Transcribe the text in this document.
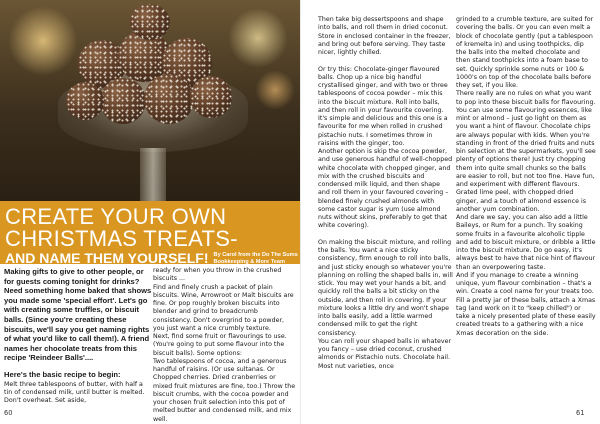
CREATE YOUR OWN
CHRISTMAS TREATS-
AND NAME THEM YOURSELF! By Carol from the Do The Sums
Bookkeeping & More Team

Making gifts to give to other people, or for guests coming tonight for drinks? Need something home baked that shows you made some 'special effort'. Let's go with creating some truffles, or biscuit balls. (Since you're creating these biscuits, we'll say you get naming rights of what you'd like to call them!). A friend names her chocolate treats from this recipe 'Reindeer Balls'....

Here's the basic recipe to begin:

Melt three tablespoons of butter, with half a tin of condensed milk, until butter is melted. Don't overheat. Set aside,

ready for when you throw in the crushed biscuits ...

Find and finely crush a packet of plain biscuits. Wine, Arrowroot or Malt biscuits are fine. Or pop roughly broken biscuits into blender and grind to breadcrumb consistency. Don't overgrind to a powder, you just want a nice crumbly texture.

Next, find some fruit or flavourings to use. (You're going to put some flavour into the biscuit balls). Some options:

Two tablespoons of cocoa, and a generous handful of raisins. (Or use sultanas. Or Chopped cherries. Dried cranberries or mixed fruit mixtures are fine, too.) Throw the biscuit crumbs, with the cocoa powder and your chosen fruit selection into this pot of melted butter and condensed milk, and mix well.

Then take big dessertspoons and shape into balls, and roll them in dried coconut. Store in enclosed container in the freezer, and bring out before serving. They taste nicer, lightly chilled.

Or try this: Chocolate-ginger flavoured balls. Chop up a nice big handful crystallised ginger, and with two or three tablespoons of cocoa powder – mix this into the biscuit mixture. Roll into balls, and then roll in your favourite covering. It's simple and delicious and this one is a favourite for me when rolled in crushed pistachio nuts. I sometimes throw in raisins with the ginger, too.

Another option is skip the cocoa powder, and use generous handful of well-chopped white chocolate with chopped ginger, and mix with the crushed biscuits and condensed milk liquid, and then shape and roll them in your favoured covering – blended finely crushed almonds with some castor sugar is yum (use almond nuts without skins, preferably to get that white covering).

On making the biscuit mixture, and rolling the balls. You want a nice sticky consistency, firm enough to roll into balls, and just sticky enough so whatever you're planning on rolling the shaped balls in, will stick. You may wet your hands a bit, and quickly roll the balls a bit sticky on the outside, and then roll in covering. If your mixture looks a little dry and won't shape into balls easily, add a little warmed condensed milk to get the right consistency.

You can roll your shaped balls in whatever you fancy – use dried coconut, crushed almonds or Pistachio nuts. Chocolate hail. Most nut varieties, once

grinded to a crumble texture, are suited for covering the balls. Or you can even melt a block of chocolate gently (put a tablespoon of kremelta in) and using toothpicks, dip the balls into the melted chocolate and then stand toothpicks into a foam base to set. Quickly sprinkle some nuts or 100 & 1000's on top of the chocolate balls before they set, if you like.

There really are no rules on what you want to pop into these biscuit balls for flavouring. You can use some flavouring essences, like mint or almond – just go light on them as you want a hint of flavour. Chocolate chips are always popular with kids. When you're standing in front of the dried fruits and nuts bin selection at the supermarkets, you'll see plenty of options there! Just try chopping them into quite small chunks so the balls are easier to roll, but not too fine. Have fun, and experiment with different flavours. Grated lime peel, with chopped dried ginger, and a touch of almond essence is another yum combination.

And dare we say, you can also add a little Baileys, or Rum for a punch. Try soaking some fruits in a favourite alcoholic tipple and add to biscuit mixture, or dribble a little into the biscuit mixture. Do go easy, it's always best to have that nice hint of flavour than an overpowering taste.

And if you manage to create a winning unique, yum flavour combination – that's a win. Create a cool name for your treats too. Fill a pretty jar of these balls, attach a Xmas tag (and work on it to "keep chilled") or take a nicely presented plate of these easily created treats to a gathering with a nice Xmas decoration on the side.

60	61
